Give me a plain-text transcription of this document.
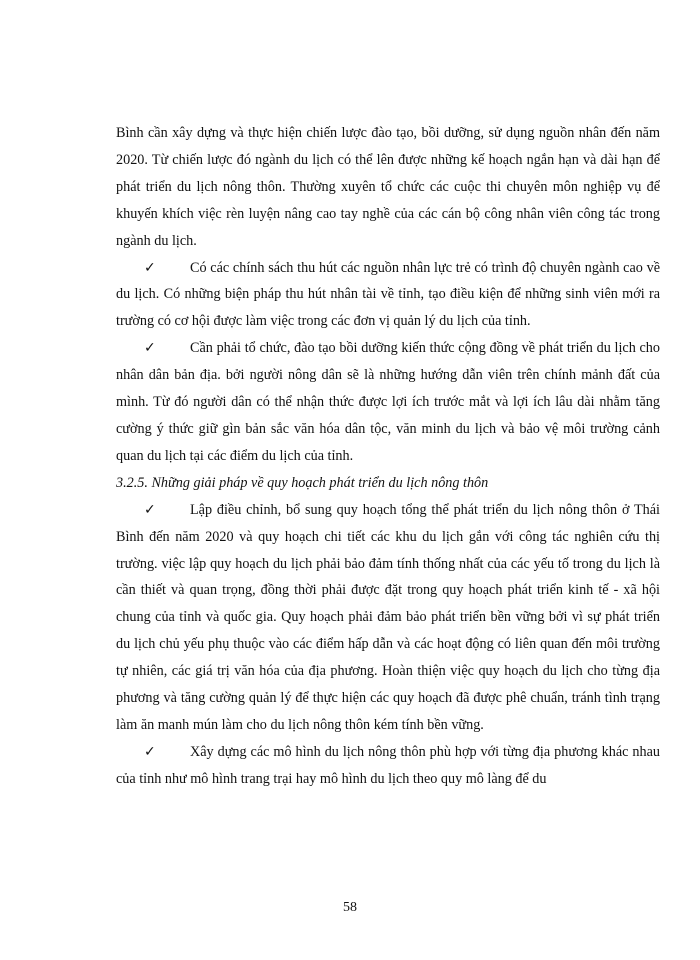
Bình cần xây dựng và thực hiện chiến lược đào tạo, bồi dưỡng, sử dụng nguồn nhân đến năm 2020. Từ chiến lược đó ngành du lịch có thể lên được những kế hoạch ngắn hạn và dài hạn để phát triển du lịch nông thôn. Thường xuyên tổ chức các cuộc thi chuyên môn nghiệp vụ để khuyến khích việc rèn luyện nâng cao tay nghề của các cán bộ công nhân viên công tác trong ngành du lịch.

✓ Có các chính sách thu hút các nguồn nhân lực trẻ có trình độ chuyên ngành cao về du lịch. Có những biện pháp thu hút nhân tài về tỉnh, tạo điều kiện để những sinh viên mới ra trường có cơ hội được làm việc trong các đơn vị quản lý du lịch của tỉnh.

✓ Cần phải tổ chức, đào tạo bồi dưỡng kiến thức cộng đồng về phát triển du lịch cho nhân dân bản địa. bởi người nông dân sẽ là những hướng dẫn viên trên chính mảnh đất của mình. Từ đó người dân có thể nhận thức được lợi ích trước mắt và lợi ích lâu dài nhằm tăng cường ý thức giữ gìn bản sắc văn hóa dân tộc, văn minh du lịch và bảo vệ môi trường cảnh quan du lịch tại các điểm du lịch của tỉnh.

3.2.5. Những giải pháp về quy hoạch phát triển du lịch nông thôn

✓ Lập điều chỉnh, bổ sung quy hoạch tổng thể phát triển du lịch nông thôn ở Thái Bình đến năm 2020 và quy hoạch chi tiết các khu du lịch gắn với công tác nghiên cứu thị trường. việc lập quy hoạch du lịch phải bảo đảm tính thống nhất của các yếu tố trong du lịch là cần thiết và quan trọng, đồng thời phải được đặt trong quy hoạch phát triển kinh tế - xã hội chung của tỉnh và quốc gia. Quy hoạch phải đảm bảo phát triển bền vững bởi vì sự phát triển du lịch chủ yếu phụ thuộc vào các điểm hấp dẫn và các hoạt động có liên quan đến môi trường tự nhiên, các giá trị văn hóa của địa phương. Hoàn thiện việc quy hoạch du lịch cho từng địa phương và tăng cường quản lý để thực hiện các quy hoạch đã được phê chuẩn, tránh tình trạng làm ăn manh mún làm cho du lịch nông thôn kém tính bền vững.

✓ Xây dựng các mô hình du lịch nông thôn phù hợp với từng địa phương khác nhau của tỉnh như mô hình trang trại hay mô hình du lịch theo quy mô làng để du

58
